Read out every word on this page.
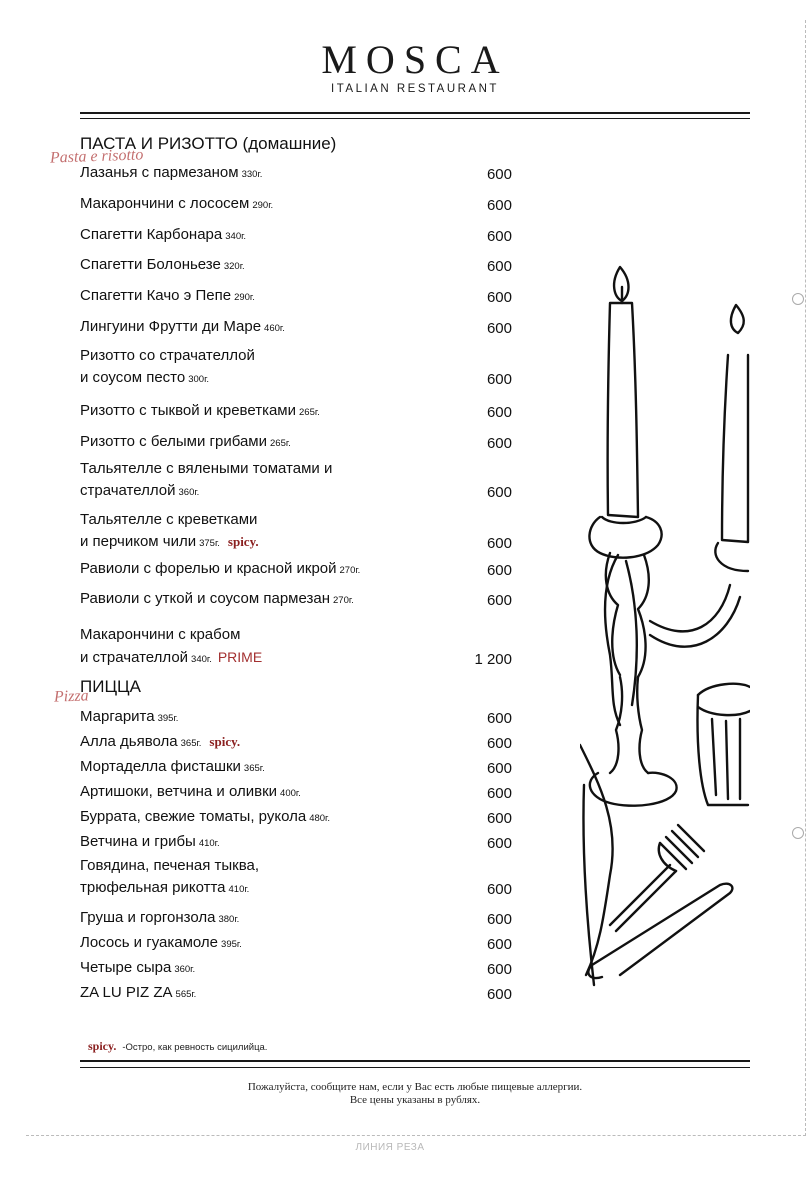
MOSCA
ITALIAN RESTAURANT
Pasta e risotto
ПАСТА И РИЗОТТО (домашние)
Лазанья с пармезаном 330г.	600
Макарончини с лососем 290г.	600
Спагетти Карбонара 340г.	600
Спагетти Болоньезе 320г.	600
Спагетти Качо э Пепе 290г.	600
Лингуини Фрутти ди Маре 460г.	600
Ризотто со страчателлой
и соусом песто 300г.	600
Ризотто с тыквой и креветками 265г.	600
Ризотто с белыми грибами 265г.	600
Тальятелле с вялеными томатами и
страчателлой 360г.	600
Тальятелле с креветками
и перчиком чили 375г. spicy.	600
Равиоли с форелью и красной икрой 270г.	600
Равиоли с уткой и соусом пармезан 270г.	600
Макарончини с крабом
и страчателлой 340г. PRIME	1 200
Pizza
ПИЦЦА
Маргарита 395г.	600
Алла дьявола 365г. spicy.	600
Мортаделла фисташки 365г.	600
Артишоки, ветчина и оливки 400г.	600
Буррата, свежие томаты, рукола 480г.	600
Ветчина и грибы 410г.	600
Говядина, печеная тыква,
трюфельная рикотта 410г.	600
Груша и горгонзола 380г.	600
Лосось и гуакамоле 395г.	600
Четыре сыра 360г.	600
ZA LU PIZ ZA 565г.	600
spicy. -Остро, как ревность сицилийца.
Пожалуйста, сообщите нам, если у Вас есть любые пищевые аллергии.
Все цены указаны в рублях.
ЛИНИЯ РЕЗА
